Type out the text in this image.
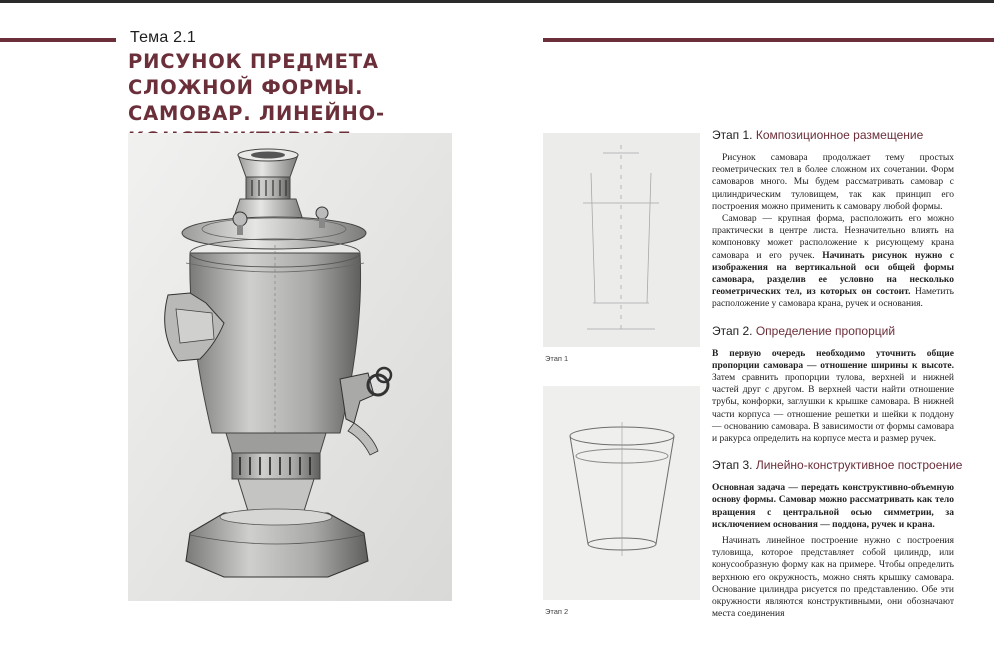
Тема 2.1
РИСУНОК ПРЕДМЕТА СЛОЖНОЙ ФОРМЫ. САМОВАР. ЛИНЕЙНО-
Этап 1
Этап 2
Этап 1. Композиционное размещение

Рисунок самовара продолжает тему простых геометрических тел в более сложном их сочетании. Форм самоваров много. Мы будем рассматривать самовар с цилиндрическим туловищем, так как принцип его построения можно применить к самовару любой формы.

Самовар — крупная форма, расположить его можно практически в центре листа. Незначительно влиять на компоновку может расположение к рисующему крана самовара и его ручек. Начинать рисунок нужно с изображения на вертикальной оси общей формы самовара, разделив ее условно на несколько геометрических тел, из которых он состоит. Наметить расположение у самовара крана, ручек и основания.

Этап 2. Определение пропорций

В первую очередь необходимо уточнить общие пропорции самовара — отношение ширины к высоте. Затем сравнить пропорции тулова, верхней и нижней частей друг с другом. В верхней части найти отношение трубы, конфорки, заглушки к крышке самовара. В нижней части корпуса — отношение решетки и шейки к поддону — основанию самовара. В зависимости от формы самовара и ракурса определить на корпусе места и размер ручек.

Этап 3. Линейно-конструктивное построение

Основная задача — передать конструктивно-объемную основу формы. Самовар можно рассматривать как тело вращения с центральной осью симметрии, за исключением основания — поддона, ручек и крана.

Начинать линейное построение нужно с построения туловища, которое представляет собой цилиндр, или конусообразную форму как на примере. Чтобы определить верхнюю его окружность, можно снять крышку самовара. Основание цилиндра рисуется по представлению. Обе эти окружности являются конструктивными, они обозначают места соединения
